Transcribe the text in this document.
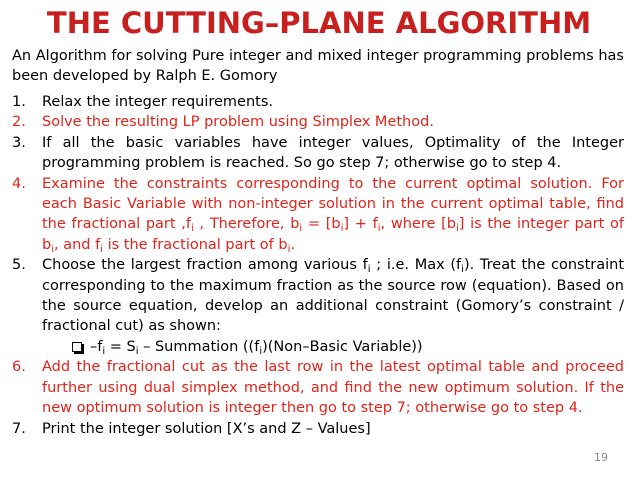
THE CUTTING–PLANE ALGORITHM
An Algorithm for solving Pure integer and mixed integer programming problems has been developed by Ralph E. Gomory
1. Relax the integer requirements.
2. Solve the resulting LP problem using Simplex Method.
3. If all the basic variables have integer values, Optimality of the Integer programming problem is reached. So go step 7; otherwise go to step 4.
4. Examine the constraints corresponding to the current optimal solution. For each Basic Variable with non-integer solution in the current optimal table, find the fractional part $,f_i$ , Therefore, $b_i = [b_i] + f_i$, where $[b_i]$ is the integer part of $b_i$, and $f_i$ is the fractional part of $b_i$.
5. Choose the largest fraction among various $f_i$ ; i.e. Max $(f_i)$. Treat the constraint corresponding to the maximum fraction as the source row (equation). Based on the source equation, develop an additional constraint (Gomory’s constraint / fractional cut) as shown:
$-f_i = S_i$ – Summation ($(f_i)(Non$–Basic Variable))
6. Add the fractional cut as the last row in the latest optimal table and proceed further using dual simplex method, and find the new optimum solution. If the new optimum solution is integer then go to step 7; otherwise go to step 4.
7. Print the integer solution [X’s and Z – Values]
19
